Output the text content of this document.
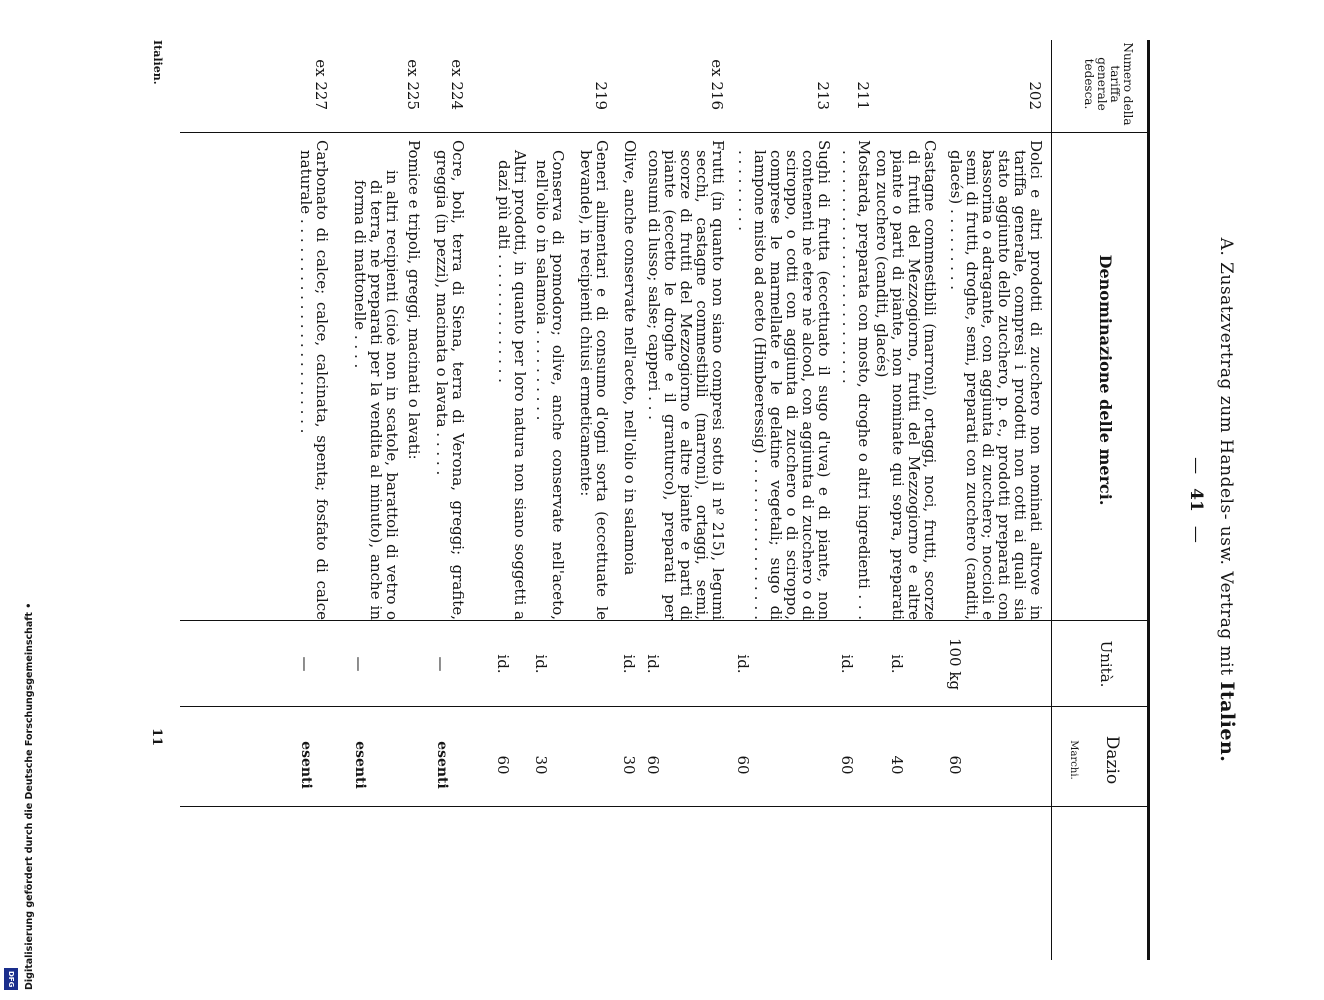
DFG Digitalisierung gefördert durch die Deutsche Forschungsgemeinschaft •
A. Zusatzvertrag zum Handels- usw. Vertrag mit Italien.
—41—
Numero della tariffa generale tedesca.
Denominazione delle merci.
Unità.
Dazio
Marchi.
202
Dolci e altri prodotti di zucchero non nominati altrove in tariffa generale, compresi i prodotti non cotti ai quali sia stato aggiunto dello zucchero, p. e., prodotti preparati con bassorina o adragante, con aggiunta di zucchero; noccioli e semi di frutti, droghe, semi, preparati con zucchero (canditi, glacés) . . . . . . . . .
100 kg
60
Castagne commestibili (marroni), ortaggi, noci, frutti, scorze di frutti del Mezzogiorno, frutti del Mezzogiorno e altre piante o parti di piante, non nominate qui sopra, preparati con zucchero (canditi, glacés)
id.
40
211
Mostarda, preparata con mosto, droghe o altri ingredienti . . . . . . . . . . . . . . . . . . . . . . . . . . . .
id.
60
213
Sughi di frutta (eccettuato il sugo d'uva) e di piante, non contenenti nè etere nè alcool, con aggiunta di zucchero o di sciroppo, o cotti con aggiunta di zucchero o di sciroppo, comprese le marmellate e le gelatine vegetali; sugo di lampone misto ad aceto (Himbeeressig) . . . . . . . . . . . . . . . . . . . . . . . . . .
id.
60
ex 216
Frutti (in quanto non siano compresi sotto il nº 215), legumi secchi, castagne commestibili (marroni), ortaggi, semi, scorze di frutti del Mezzogiorno e altre piante e parti di piante (eccetto le droghe e il granturco), preparati per consumi di lusso; salse; capperi . . .
id.
60
Olive, anche conservate nell'aceto, nell'olio o in salamoia
id.
30
219
Generi alimentari e di consumo d'ogni sorta (eccettuate le bevande), in recipienti chiusi ermeticamente:
Conserva di pomodoro; olive, anche conservate nell'aceto, nell'olio o in salamoia . . . . . . . . . .
id.
30
Altri prodotti, in quanto per loro natura non siano soggetti a dazi più alti . . . . . . . . . . . . . .
id.
60
ex 224
Ocre, boli, terra di Siena, terra di Verona, greggi; grafite, greggia (in pezzi), macinata o lavata . . . . .
—
esenti
ex 225
Pomice e tripoli, greggi, macinati o lavati:
in altri recipienti (cioè non in scatole, barattoli di vetro o di terra, nè preparati per la vendita al minuto), anche in forma di mattonelle . . . .
—
esenti
ex 227
Carbonato di calce; calce, calcinata, spenta; fosfato di calce naturale . . . . . . . . . . . . . . . . . . . . . . .
—
esenti
Italien.
11
